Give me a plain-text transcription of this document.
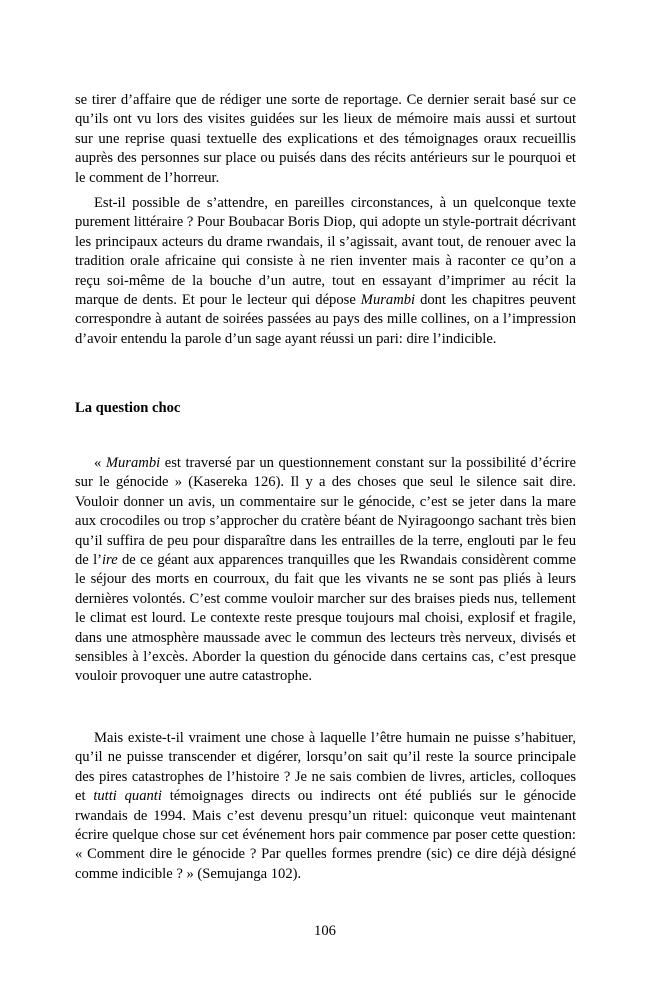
se tirer d’affaire que de rédiger une sorte de reportage. Ce dernier serait basé sur ce qu’ils ont vu lors des visites guidées sur les lieux de mémoire mais aussi et surtout sur une reprise quasi textuelle des explications et des témoignages oraux recueillis auprès des personnes sur place ou puisés dans des récits antérieurs sur le pourquoi et le comment de l’horreur.

Est-il possible de s’attendre, en pareilles circonstances, à un quelconque texte purement littéraire ? Pour Boubacar Boris Diop, qui adopte un style-portrait décrivant les principaux acteurs du drame rwandais, il s’agissait, avant tout, de renouer avec la tradition orale africaine qui consiste à ne rien inventer mais à raconter ce qu’on a reçu soi-même de la bouche d’un autre, tout en essayant d’imprimer au récit la marque de dents. Et pour le lecteur qui dépose Murambi dont les chapitres peuvent correspondre à autant de soirées passées au pays des mille collines, on a l’impression d’avoir entendu la parole d’un sage ayant réussi un pari: dire l’indicible.

La question choc

« Murambi est traversé par un questionnement constant sur la possibilité d’écrire sur le génocide » (Kasereka 126). Il y a des choses que seul le silence sait dire. Vouloir donner un avis, un commentaire sur le génocide, c’est se jeter dans la mare aux crocodiles ou trop s’approcher du cratère béant de Nyiragoongo sachant très bien qu’il suffira de peu pour disparaître dans les entrailles de la terre, englouti par le feu de l’ire de ce géant aux apparences tranquilles que les Rwandais considèrent comme le séjour des morts en courroux, du fait que les vivants ne se sont pas pliés à leurs dernières volontés. C’est comme vouloir marcher sur des braises pieds nus, tellement le climat est lourd. Le contexte reste presque toujours mal choisi, explosif et fragile, dans une atmosphère maussade avec le commun des lecteurs très nerveux, divisés et sensibles à l’excès. Aborder la question du génocide dans certains cas, c’est presque vouloir provoquer une autre catastrophe.

Mais existe-t-il vraiment une chose à laquelle l’être humain ne puisse s’habituer, qu’il ne puisse transcender et digérer, lorsqu’on sait qu’il reste la source principale des pires catastrophes de l’histoire ? Je ne sais combien de livres, articles, colloques et tutti quanti témoignages directs ou indirects ont été publiés sur le génocide rwandais de 1994. Mais c’est devenu presqu’un rituel: quiconque veut maintenant écrire quelque chose sur cet événement hors pair commence par poser cette question: « Comment dire le génocide ? Par quelles formes prendre (sic) ce dire déjà désigné comme indicible ? » (Semujanga 102).

106
